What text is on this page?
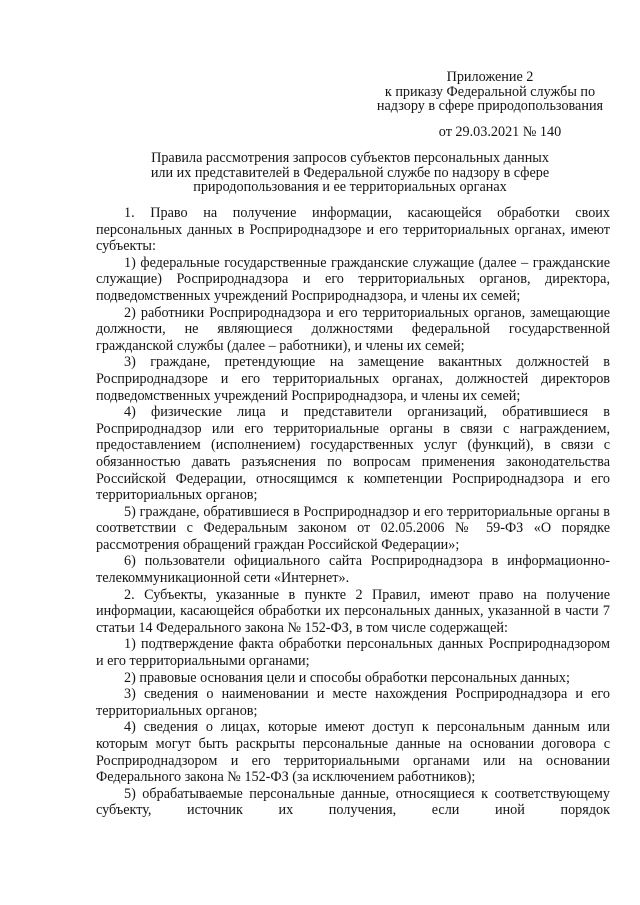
Приложение 2
к приказу Федеральной службы по
надзору в сфере природопользования
от 29.03.2021 № 140
Правила рассмотрения запросов субъектов персональных данных
или их представителей в Федеральной службе по надзору в сфере
природопользования и ее территориальных органах

1. Право на получение информации, касающейся обработки своих персональных данных в Росприроднадзоре и его территориальных органах, имеют субъекты:

1) федеральные государственные гражданские служащие (далее – гражданские служащие) Росприроднадзора и его территориальных органов, директора, подведомственных учреждений Росприроднадзора, и члены их семей;

2) работники Росприроднадзора и его территориальных органов, замещающие должности, не являющиеся должностями федеральной государственной гражданской службы (далее – работники), и члены их семей;

3) граждане, претендующие на замещение вакантных должностей в Росприроднадзоре и его территориальных органах, должностей директоров подведомственных учреждений Росприроднадзора, и члены их семей;

4) физические лица и представители организаций, обратившиеся в Росприроднадзор или его территориальные органы в связи с награждением, предоставлением (исполнением) государственных услуг (функций), в связи с обязанностью давать разъяснения по вопросам применения законодательства Российской Федерации, относящимся к компетенции Росприроднадзора и его территориальных органов;

5) граждане, обратившиеся в Росприроднадзор и его территориальные органы в соответствии с Федеральным законом от 02.05.2006 № 59-ФЗ «О порядке рассмотрения обращений граждан Российской Федерации»;

6) пользователи официального сайта Росприроднадзора в информационно-телекоммуникационной сети «Интернет».

2. Субъекты, указанные в пункте 2 Правил, имеют право на получение информации, касающейся обработки их персональных данных, указанной в части 7 статьи 14 Федерального закона № 152-ФЗ, в том числе содержащей:

1) подтверждение факта обработки персональных данных Росприроднадзором и его территориальными органами;

2) правовые основания цели и способы обработки персональных данных;

3) сведения о наименовании и месте нахождения Росприроднадзора и его территориальных органов;

4) сведения о лицах, которые имеют доступ к персональным данным или которым могут быть раскрыты персональные данные на основании договора с Росприроднадзором и его территориальными органами или на основании Федерального закона № 152-ФЗ (за исключением работников);

5) обрабатываемые персональные данные, относящиеся к соответствующему субъекту, источник их получения, если иной порядок
